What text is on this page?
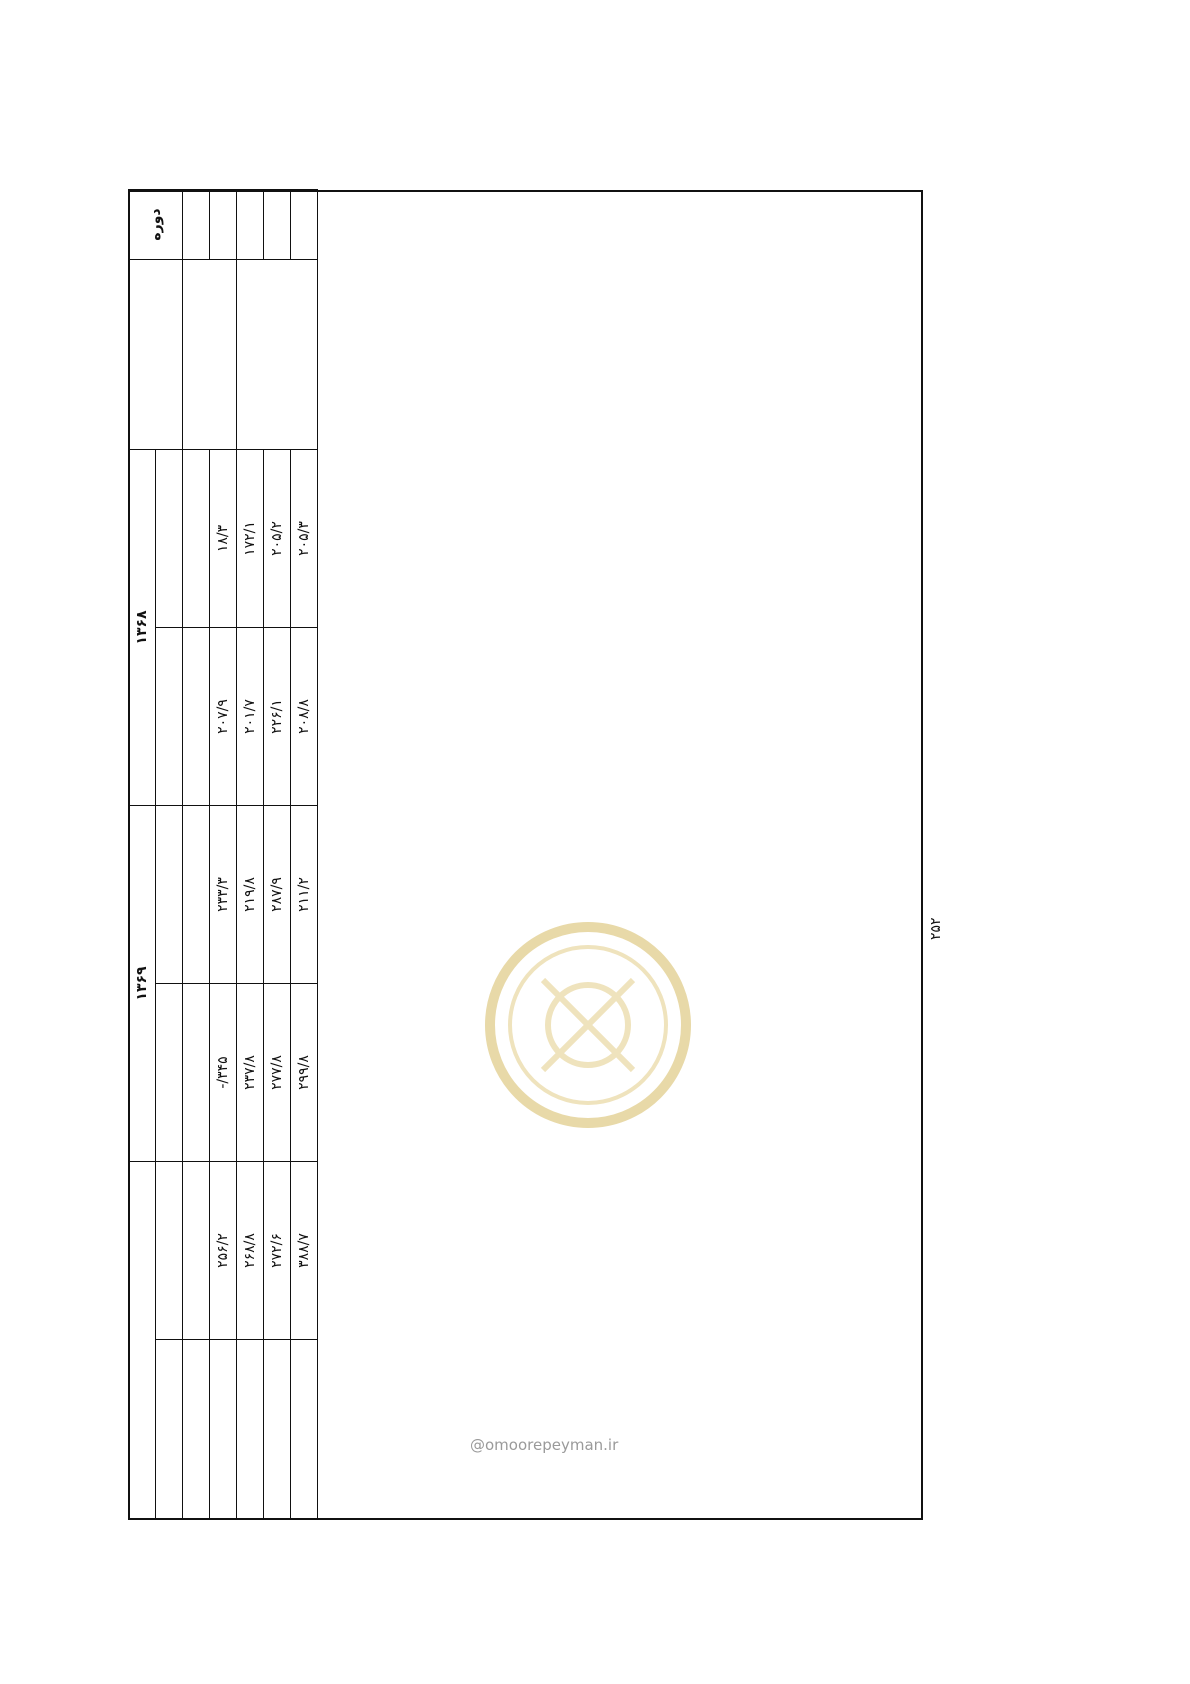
دوره		۱۳۶۸		۱۳۶۹			

		۱۸/۳	۲۰۷/۹	۲۳۳/۳	۳۴۵/-	۲۵۶/۲	
		۱۷۲/۱	۲۰۱/۷	۲۱۹/۸	۲۳۷/۸	۲۶۸/۸	
		۲۰۵/۲	۲۲۶/۱	۲۸۷/۹	۲۷۷/۸	۲۷۲/۶	
		۲۰۵/۳	۲۰۸/۸	۲۱۱/۲	۲۹۹/۸	۳۸۸/۷	
۲۵۲
@omoorepeyman.ir
